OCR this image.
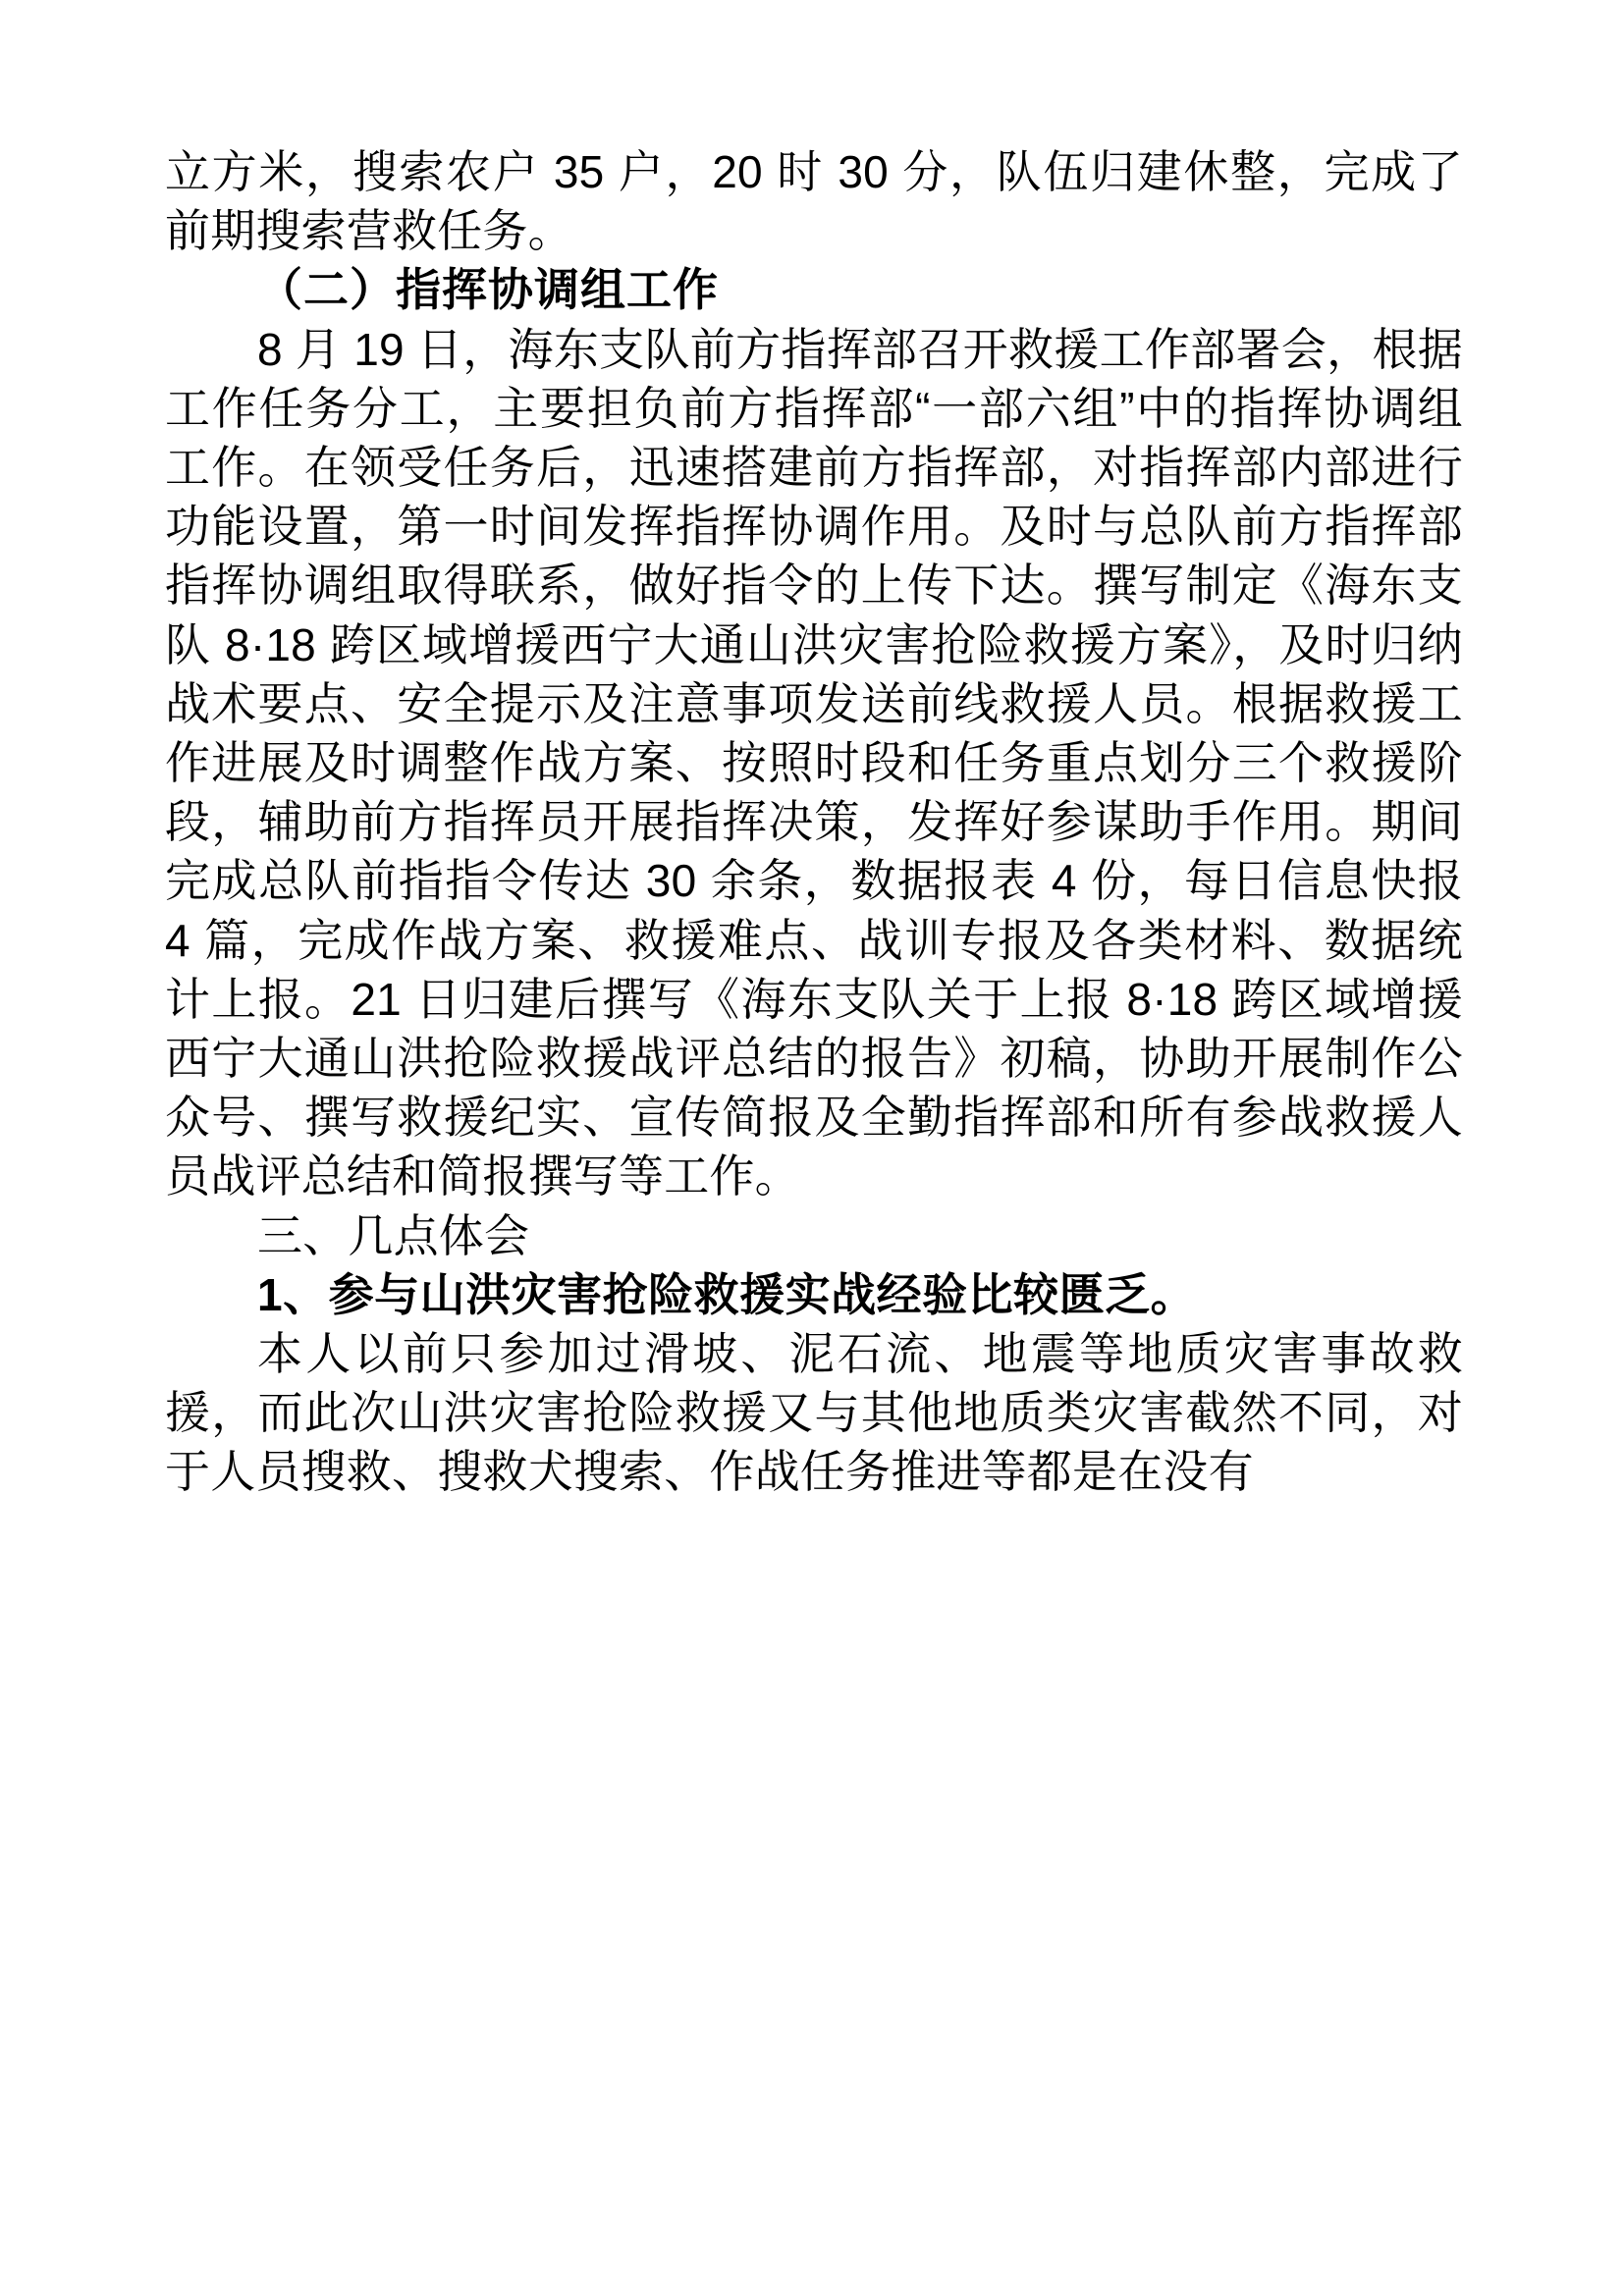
立方米，搜索农户 35 户，20 时 30 分，队伍归建休整，完成了前期搜索营救任务。

（二）指挥协调组工作

8 月 19 日，海东支队前方指挥部召开救援工作部署会，根据工作任务分工，主要担负前方指挥部“一部六组”中的指挥协调组工作。在领受任务后，迅速搭建前方指挥部，对指挥部内部进行功能设置，第一时间发挥指挥协调作用。及时与总队前方指挥部指挥协调组取得联系，做好指令的上传下达。撰写制定《海东支队 8·18 跨区域增援西宁大通山洪灾害抢险救援方案》，及时归纳战术要点、安全提示及注意事项发送前线救援人员。根据救援工作进展及时调整作战方案、按照时段和任务重点划分三个救援阶段，辅助前方指挥员开展指挥决策，发挥好参谋助手作用。期间完成总队前指指令传达 30 余条，数据报表 4 份，每日信息快报 4 篇，完成作战方案、救援难点、战训专报及各类材料、数据统计上报。21 日归建后撰写《海东支队关于上报 8·18 跨区域增援西宁大通山洪抢险救援战评总结的报告》初稿，协助开展制作公众号、撰写救援纪实、宣传简报及全勤指挥部和所有参战救援人员战评总结和简报撰写等工作。

三、几点体会

1、参与山洪灾害抢险救援实战经验比较匮乏。

本人以前只参加过滑坡、泥石流、地震等地质灾害事故救援，而此次山洪灾害抢险救援又与其他地质类灾害截然不同，对于人员搜救、搜救犬搜索、作战任务推进等都是在没有
